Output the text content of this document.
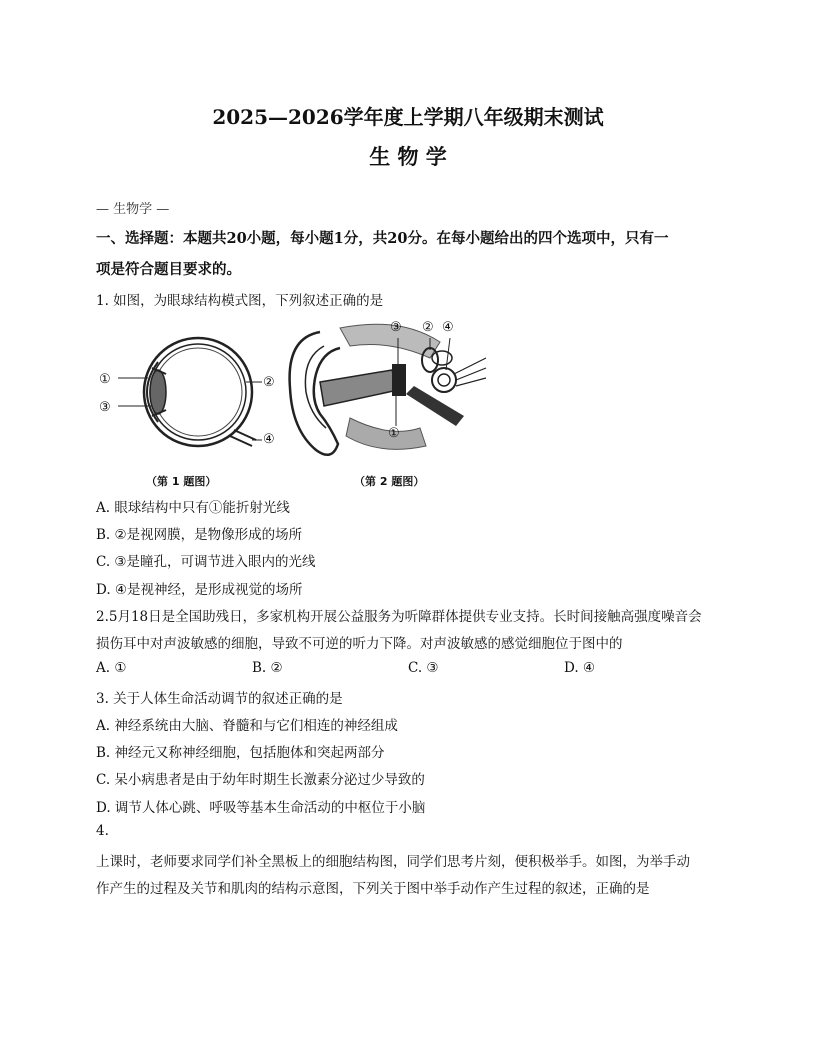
2025—2026学年度上学期八年级期末测试
生 物 学
— 生物学 —
一、选择题：本题共20小题，每小题1分，共20分。在每小题给出的四个选项中，只有一
项是符合题目要求的。
1. 如图，为眼球结构模式图，下列叙述正确的是
①	②
③
④
（第 1 题图）
③ ② ④
①
（第 2 题图）
A. 眼球结构中只有①能折射光线
B. ②是视网膜，是物像形成的场所
C. ③是瞳孔，可调节进入眼内的光线
D. ④是视神经，是形成视觉的场所
2.5月18日是全国助残日，多家机构开展公益服务为听障群体提供专业支持。长时间接触高强度噪音会
损伤耳中对声波敏感的细胞，导致不可逆的听力下降。对声波敏感的感觉细胞位于图中的
A. ①	B. ②	C. ③	D. ④
3. 关于人体生命活动调节的叙述正确的是
A. 神经系统由大脑、脊髓和与它们相连的神经组成
B. 神经元又称神经细胞，包括胞体和突起两部分
C. 呆小病患者是由于幼年时期生长激素分泌过少导致的
D. 调节人体心跳、呼吸等基本生命活动的中枢位于小脑
4.
上课时，老师要求同学们补全黑板上的细胞结构图，同学们思考片刻，便积极举手。如图，为举手动
作产生的过程及关节和肌肉的结构示意图，下列关于图中举手动作产生过程的叙述，正确的是
